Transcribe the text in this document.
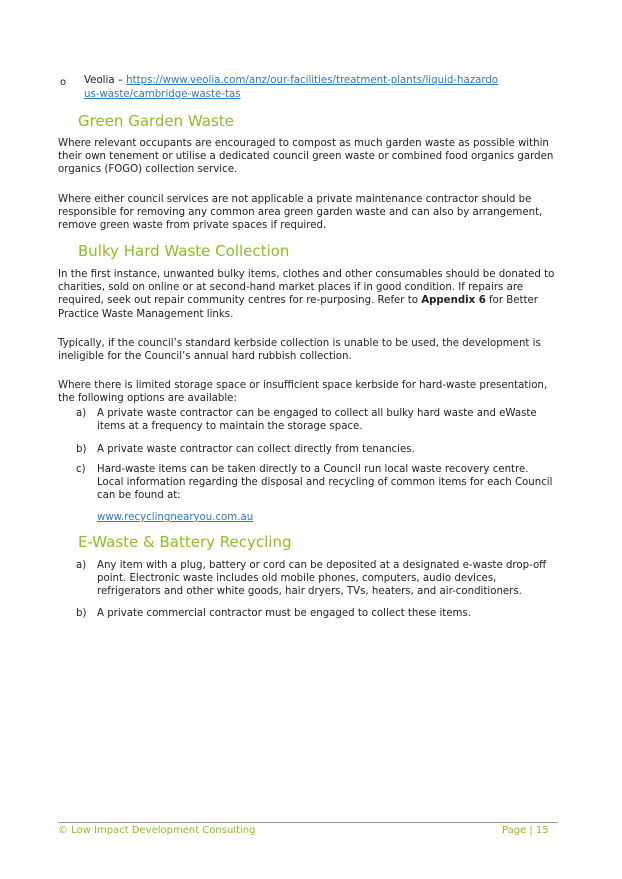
o Veolia – https://www.veolia.com/anz/our-facilities/treatment-plants/liquid-hazardous-waste/cambridge-waste-tas

Green Garden Waste

Where relevant occupants are encouraged to compost as much garden waste as possible within their own tenement or utilise a dedicated council green waste or combined food organics garden organics (FOGO) collection service.

Where either council services are not applicable a private maintenance contractor should be responsible for removing any common area green garden waste and can also by arrangement, remove green waste from private spaces if required.

Bulky Hard Waste Collection

In the first instance, unwanted bulky items, clothes and other consumables should be donated to charities, sold on online or at second-hand market places if in good condition. If repairs are required, seek out repair community centres for re-purposing. Refer to Appendix 6 for Better Practice Waste Management links.

Typically, if the council’s standard kerbside collection is unable to be used, the development is ineligible for the Council’s annual hard rubbish collection.

Where there is limited storage space or insufficient space kerbside for hard-waste presentation, the following options are available:

a) A private waste contractor can be engaged to collect all bulky hard waste and eWaste items at a frequency to maintain the storage space.
b) A private waste contractor can collect directly from tenancies.
c) Hard-waste items can be taken directly to a Council run local waste recovery centre. Local information regarding the disposal and recycling of common items for each Council can be found at:
www.recyclingnearyou.com.au
E-Waste & Battery Recycling
a) Any item with a plug, battery or cord can be deposited at a designated e-waste drop-off point. Electronic waste includes old mobile phones, computers, audio devices, refrigerators and other white goods, hair dryers, TVs, heaters, and air-conditioners.
b) A private commercial contractor must be engaged to collect these items.
© Low Impact Development Consulting	Page | 15
